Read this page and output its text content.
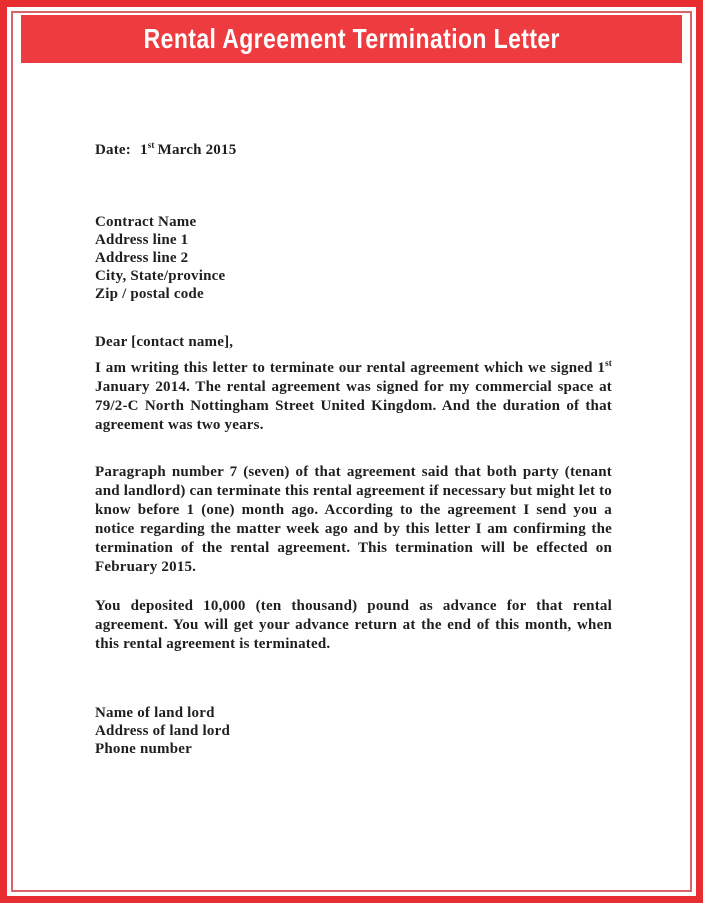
Rental Agreement Termination Letter
Date: 1st March 2015
Contract Name
Address line 1
Address line 2
City, State/province
Zip / postal code
Dear [contact name],
I am writing this letter to terminate our rental agreement which we signed 1st January 2014. The rental agreement was signed for my commercial space at 79/2-C North Nottingham Street United Kingdom. And the duration of that agreement was two years.
Paragraph number 7 (seven) of that agreement said that both party (tenant and landlord) can terminate this rental agreement if necessary but might let to know before 1 (one) month ago. According to the agreement I send you a notice regarding the matter week ago and by this letter I am confirming the termination of the rental agreement. This termination will be effected on February 2015.
You deposited 10,000 (ten thousand) pound as advance for that rental agreement. You will get your advance return at the end of this month, when this rental agreement is terminated.
Name of land lord
Address of land lord
Phone number
